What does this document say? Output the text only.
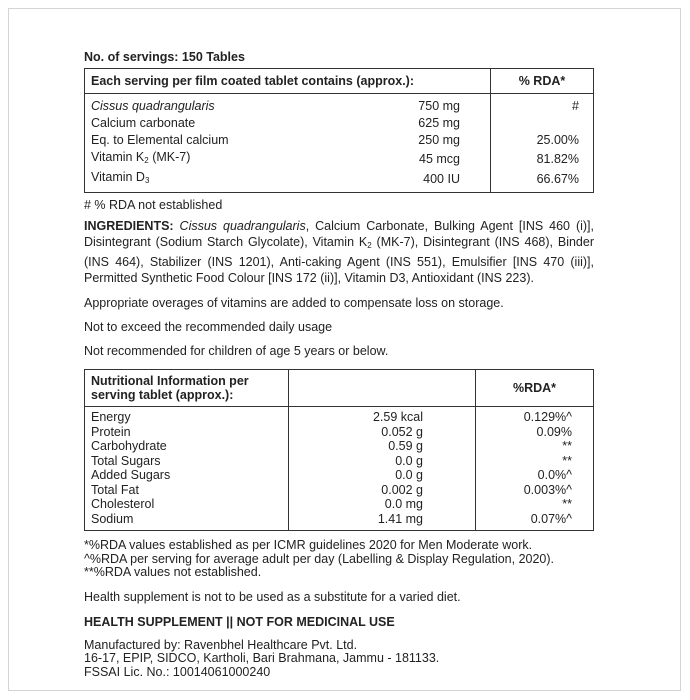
No. of servings: 150 Tables
Each serving per film coated tablet contains (approx.):		% RDA*
Cissus quadrangularis	750 mg	#
Calcium carbonate	625 mg	
Eq. to Elemental calcium	250 mg	25.00%
Vitamin $K_2$ (MK-7)	45 mcg	81.82%
Vitamin $D_3$	400 IU	66.67%
# % RDA not established
INGREDIENTS: Cissus quadrangularis, Calcium Carbonate, Bulking Agent [INS 460 (i)], Disintegrant (Sodium Starch Glycolate), Vitamin $K_2$ (MK-7), Disintegrant (INS 468), Binder (INS 464), Stabilizer (INS 1201), Anti-caking Agent (INS 551), Emulsifier [INS 470 (iii)], Permitted Synthetic Food Colour [INS 172 (ii)], Vitamin D3, Antioxidant (INS 223).
Appropriate overages of vitamins are added to compensate loss on storage.
Not to exceed the recommended daily usage
Not recommended for children of age 5 years or below.
Nutritional Information per serving tablet (approx.):		%RDA*
Energy	2.59 kcal	0.129%^
Protein	0.052 g	0.09%
Carbohydrate	0.59 g	**
Total Sugars	0.0 g	**
Added Sugars	0.0 g	0.0%^
Total Fat	0.002 g	0.003%^
Cholesterol	0.0 mg	**
Sodium	1.41 mg	0.07%^
*%RDA values established as per ICMR guidelines 2020 for Men Moderate work.
^%RDA per serving for average adult per day (Labelling & Display Regulation, 2020).
**%RDA values not established.
Health supplement is not to be used as a substitute for a varied diet.
HEALTH SUPPLEMENT || NOT FOR MEDICINAL USE
Manufactured by: Ravenbhel Healthcare Pvt. Ltd.
16-17, EPIP, SIDCO, Kartholi, Bari Brahmana, Jammu - 181133.
FSSAI Lic. No.: 10014061000240
